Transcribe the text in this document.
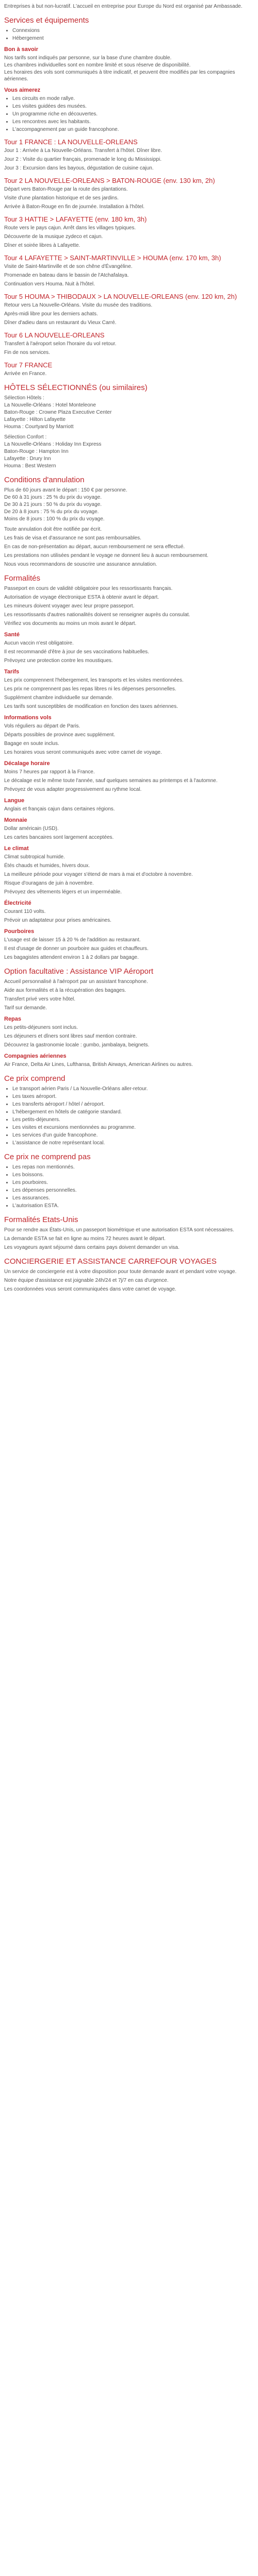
Entreprises à but non-lucratif. L'accueil en entreprise pour Europe du Nord est organisé par Ambassade.

Services et équipements
• Connexions
• Hébergement
Bon à savoir

Nos tarifs sont indiqués par personne, sur la base d'une chambre double.

Les chambres individuelles sont en nombre limité et sous réserve de disponibilité.

Les horaires des vols sont communiqués à titre indicatif, et peuvent être modifiés par les compagnies aériennes.

Vous aimerez
• Les circuits en mode rallye.
• Les visites guidées des musées.
• Un programme riche en découvertes.
• Les rencontres avec les habitants.
• L'accompagnement par un guide francophone.
Tour 1 FRANCE : LA NOUVELLE-ORLEANS

Jour 1 : Arrivée à La Nouvelle-Orléans. Transfert à l'hôtel. Dîner libre.

Jour 2 : Visite du quartier français, promenade le long du Mississippi.

Jour 3 : Excursion dans les bayous, dégustation de cuisine cajun.

Tour 2 LA NOUVELLE-ORLEANS > BATON-ROUGE (env. 130 km, 2h)

Départ vers Baton-Rouge par la route des plantations.

Visite d'une plantation historique et de ses jardins.

Arrivée à Baton-Rouge en fin de journée. Installation à l'hôtel.

Tour 3 HATTIE > LAFAYETTE (env. 180 km, 3h)

Route vers le pays cajun. Arrêt dans les villages typiques.

Découverte de la musique zydeco et cajun.

Dîner et soirée libres à Lafayette.

Tour 4 LAFAYETTE > SAINT-MARTINVILLE > HOUMA (env. 170 km, 3h)

Visite de Saint-Martinville et de son chêne d'Évangéline.

Promenade en bateau dans le bassin de l'Atchafalaya.

Continuation vers Houma. Nuit à l'hôtel.

Tour 5 HOUMA > THIBODAUX > LA NOUVELLE-ORLEANS (env. 120 km, 2h)

Retour vers La Nouvelle-Orléans. Visite du musée des traditions.

Après-midi libre pour les derniers achats.

Dîner d'adieu dans un restaurant du Vieux Carré.

Tour 6 LA NOUVELLE-ORLEANS

Transfert à l'aéroport selon l'horaire du vol retour.

Fin de nos services.

Tour 7 FRANCE

Arrivée en France.

HÔTELS SÉLECTIONNÉS (ou similaires)

Sélection Hôtels :

La Nouvelle-Orléans : Hotel Monteleone

Baton-Rouge : Crowne Plaza Executive Center

Lafayette : Hilton Lafayette

Houma : Courtyard by Marriott

Sélection Confort :

La Nouvelle-Orléans : Holiday Inn Express

Baton-Rouge : Hampton Inn

Lafayette : Drury Inn

Houma : Best Western

Conditions d'annulation

Plus de 60 jours avant le départ : 150 € par personne.

De 60 à 31 jours : 25 % du prix du voyage.

De 30 à 21 jours : 50 % du prix du voyage.

De 20 à 8 jours : 75 % du prix du voyage.

Moins de 8 jours : 100 % du prix du voyage.

Toute annulation doit être notifiée par écrit.

Les frais de visa et d'assurance ne sont pas remboursables.

En cas de non-présentation au départ, aucun remboursement ne sera effectué.

Les prestations non utilisées pendant le voyage ne donnent lieu à aucun remboursement.

Nous vous recommandons de souscrire une assurance annulation.

Formalités

Passeport en cours de validité obligatoire pour les ressortissants français.

Autorisation de voyage électronique ESTA à obtenir avant le départ.

Les mineurs doivent voyager avec leur propre passeport.

Les ressortissants d'autres nationalités doivent se renseigner auprès du consulat.

Vérifiez vos documents au moins un mois avant le départ.

Santé

Aucun vaccin n'est obligatoire.

Il est recommandé d'être à jour de ses vaccinations habituelles.

Prévoyez une protection contre les moustiques.

Tarifs

Les prix comprennent l'hébergement, les transports et les visites mentionnées.

Les prix ne comprennent pas les repas libres ni les dépenses personnelles.

Supplément chambre individuelle sur demande.

Les tarifs sont susceptibles de modification en fonction des taxes aériennes.

Informations vols

Vols réguliers au départ de Paris.

Départs possibles de province avec supplément.

Bagage en soute inclus.

Les horaires vous seront communiqués avec votre carnet de voyage.

Décalage horaire

Moins 7 heures par rapport à la France.

Le décalage est le même toute l'année, sauf quelques semaines au printemps et à l'automne.

Prévoyez de vous adapter progressivement au rythme local.

Langue

Anglais et français cajun dans certaines régions.

Monnaie

Dollar américain (USD).

Les cartes bancaires sont largement acceptées.

Le climat

Climat subtropical humide.

Étés chauds et humides, hivers doux.

La meilleure période pour voyager s'étend de mars à mai et d'octobre à novembre.

Risque d'ouragans de juin à novembre.

Prévoyez des vêtements légers et un imperméable.

Électricité

Courant 110 volts.

Prévoir un adaptateur pour prises américaines.

Pourboires

L'usage est de laisser 15 à 20 % de l'addition au restaurant.

Il est d'usage de donner un pourboire aux guides et chauffeurs.

Les bagagistes attendent environ 1 à 2 dollars par bagage.

Option facultative : Assistance VIP Aéroport

Accueil personnalisé à l'aéroport par un assistant francophone.

Aide aux formalités et à la récupération des bagages.

Transfert privé vers votre hôtel.

Tarif sur demande.

Repas

Les petits-déjeuners sont inclus.

Les déjeuners et dîners sont libres sauf mention contraire.

Découvrez la gastronomie locale : gumbo, jambalaya, beignets.

Compagnies aériennes

Air France, Delta Air Lines, Lufthansa, British Airways, American Airlines ou autres.

Ce prix comprend
• Le transport aérien Paris / La Nouvelle-Orléans aller-retour.
• Les taxes aéroport.
• Les transferts aéroport / hôtel / aéroport.
• L'hébergement en hôtels de catégorie standard.
• Les petits-déjeuners.
• Les visites et excursions mentionnées au programme.
• Les services d'un guide francophone.
• L'assistance de notre représentant local.
Ce prix ne comprend pas
• Les repas non mentionnés.
• Les boissons.
• Les pourboires.
• Les dépenses personnelles.
• Les assurances.
• L'autorisation ESTA.
Formalités Etats-Unis

Pour se rendre aux États-Unis, un passeport biométrique et une autorisation ESTA sont nécessaires.

La demande ESTA se fait en ligne au moins 72 heures avant le départ.

Les voyageurs ayant séjourné dans certains pays doivent demander un visa.

CONCIERGERIE ET ASSISTANCE CARREFOUR VOYAGES

Un service de conciergerie est à votre disposition pour toute demande avant et pendant votre voyage.

Notre équipe d'assistance est joignable 24h/24 et 7j/7 en cas d'urgence.

Les coordonnées vous seront communiquées dans votre carnet de voyage.
